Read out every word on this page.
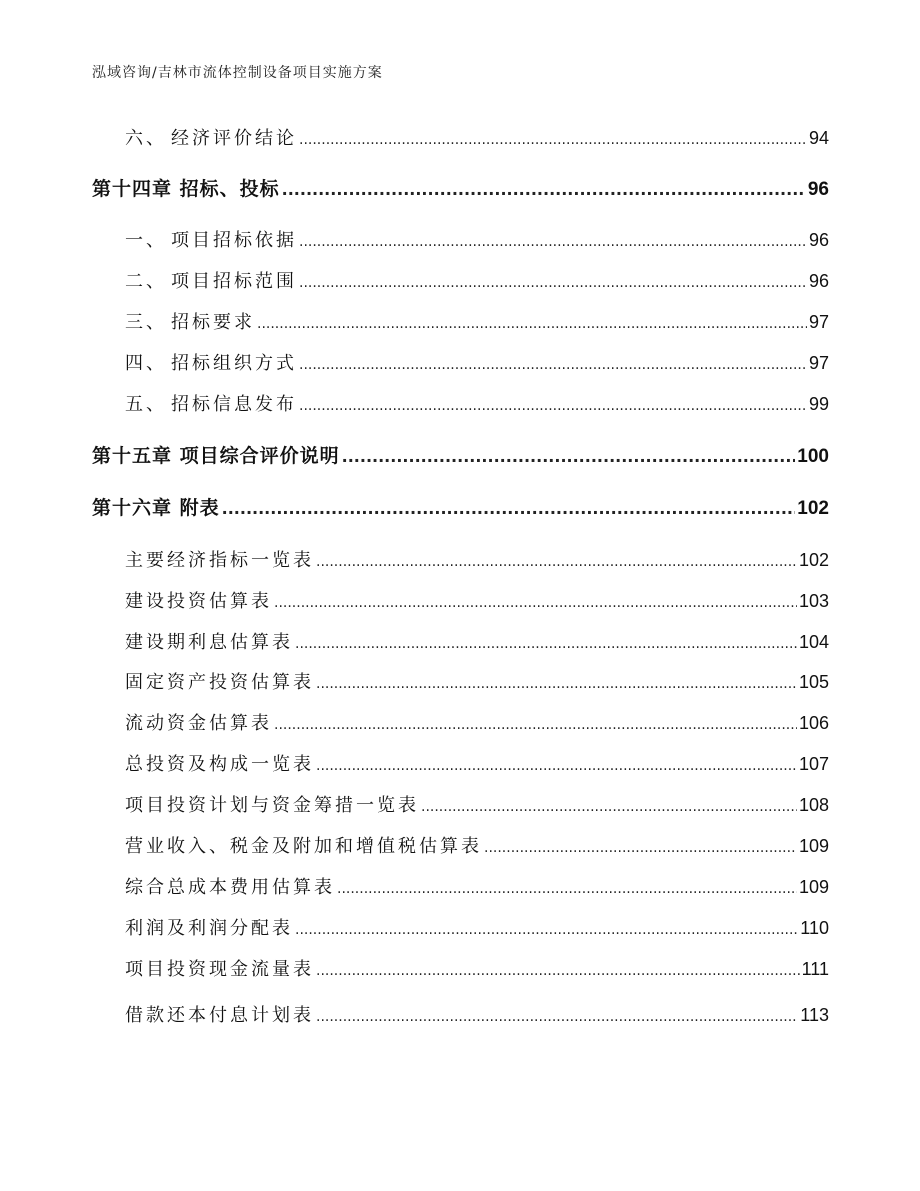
泓域咨询/吉林市流体控制设备项目实施方案
六、 经济评价结论 .....	94
第十四章 招标、投标 .....	96
一、 项目招标依据 .....	96
二、 项目招标范围 .....	96
三、 招标要求 .....	97
四、 招标组织方式 .....	97
五、 招标信息发布 .....	99
第十五章 项目综合评价说明 .....	100
第十六章 附表 .....	102
主要经济指标一览表 .....	102
建设投资估算表 .....	103
建设期利息估算表 .....	104
固定资产投资估算表 .....	105
流动资金估算表 .....	106
总投资及构成一览表 .....	107
项目投资计划与资金筹措一览表 .....	108
营业收入、税金及附加和增值税估算表 .....	109
综合总成本费用估算表 .....	109
利润及利润分配表 .....	110
项目投资现金流量表 .....	111
借款还本付息计划表 .....	113
